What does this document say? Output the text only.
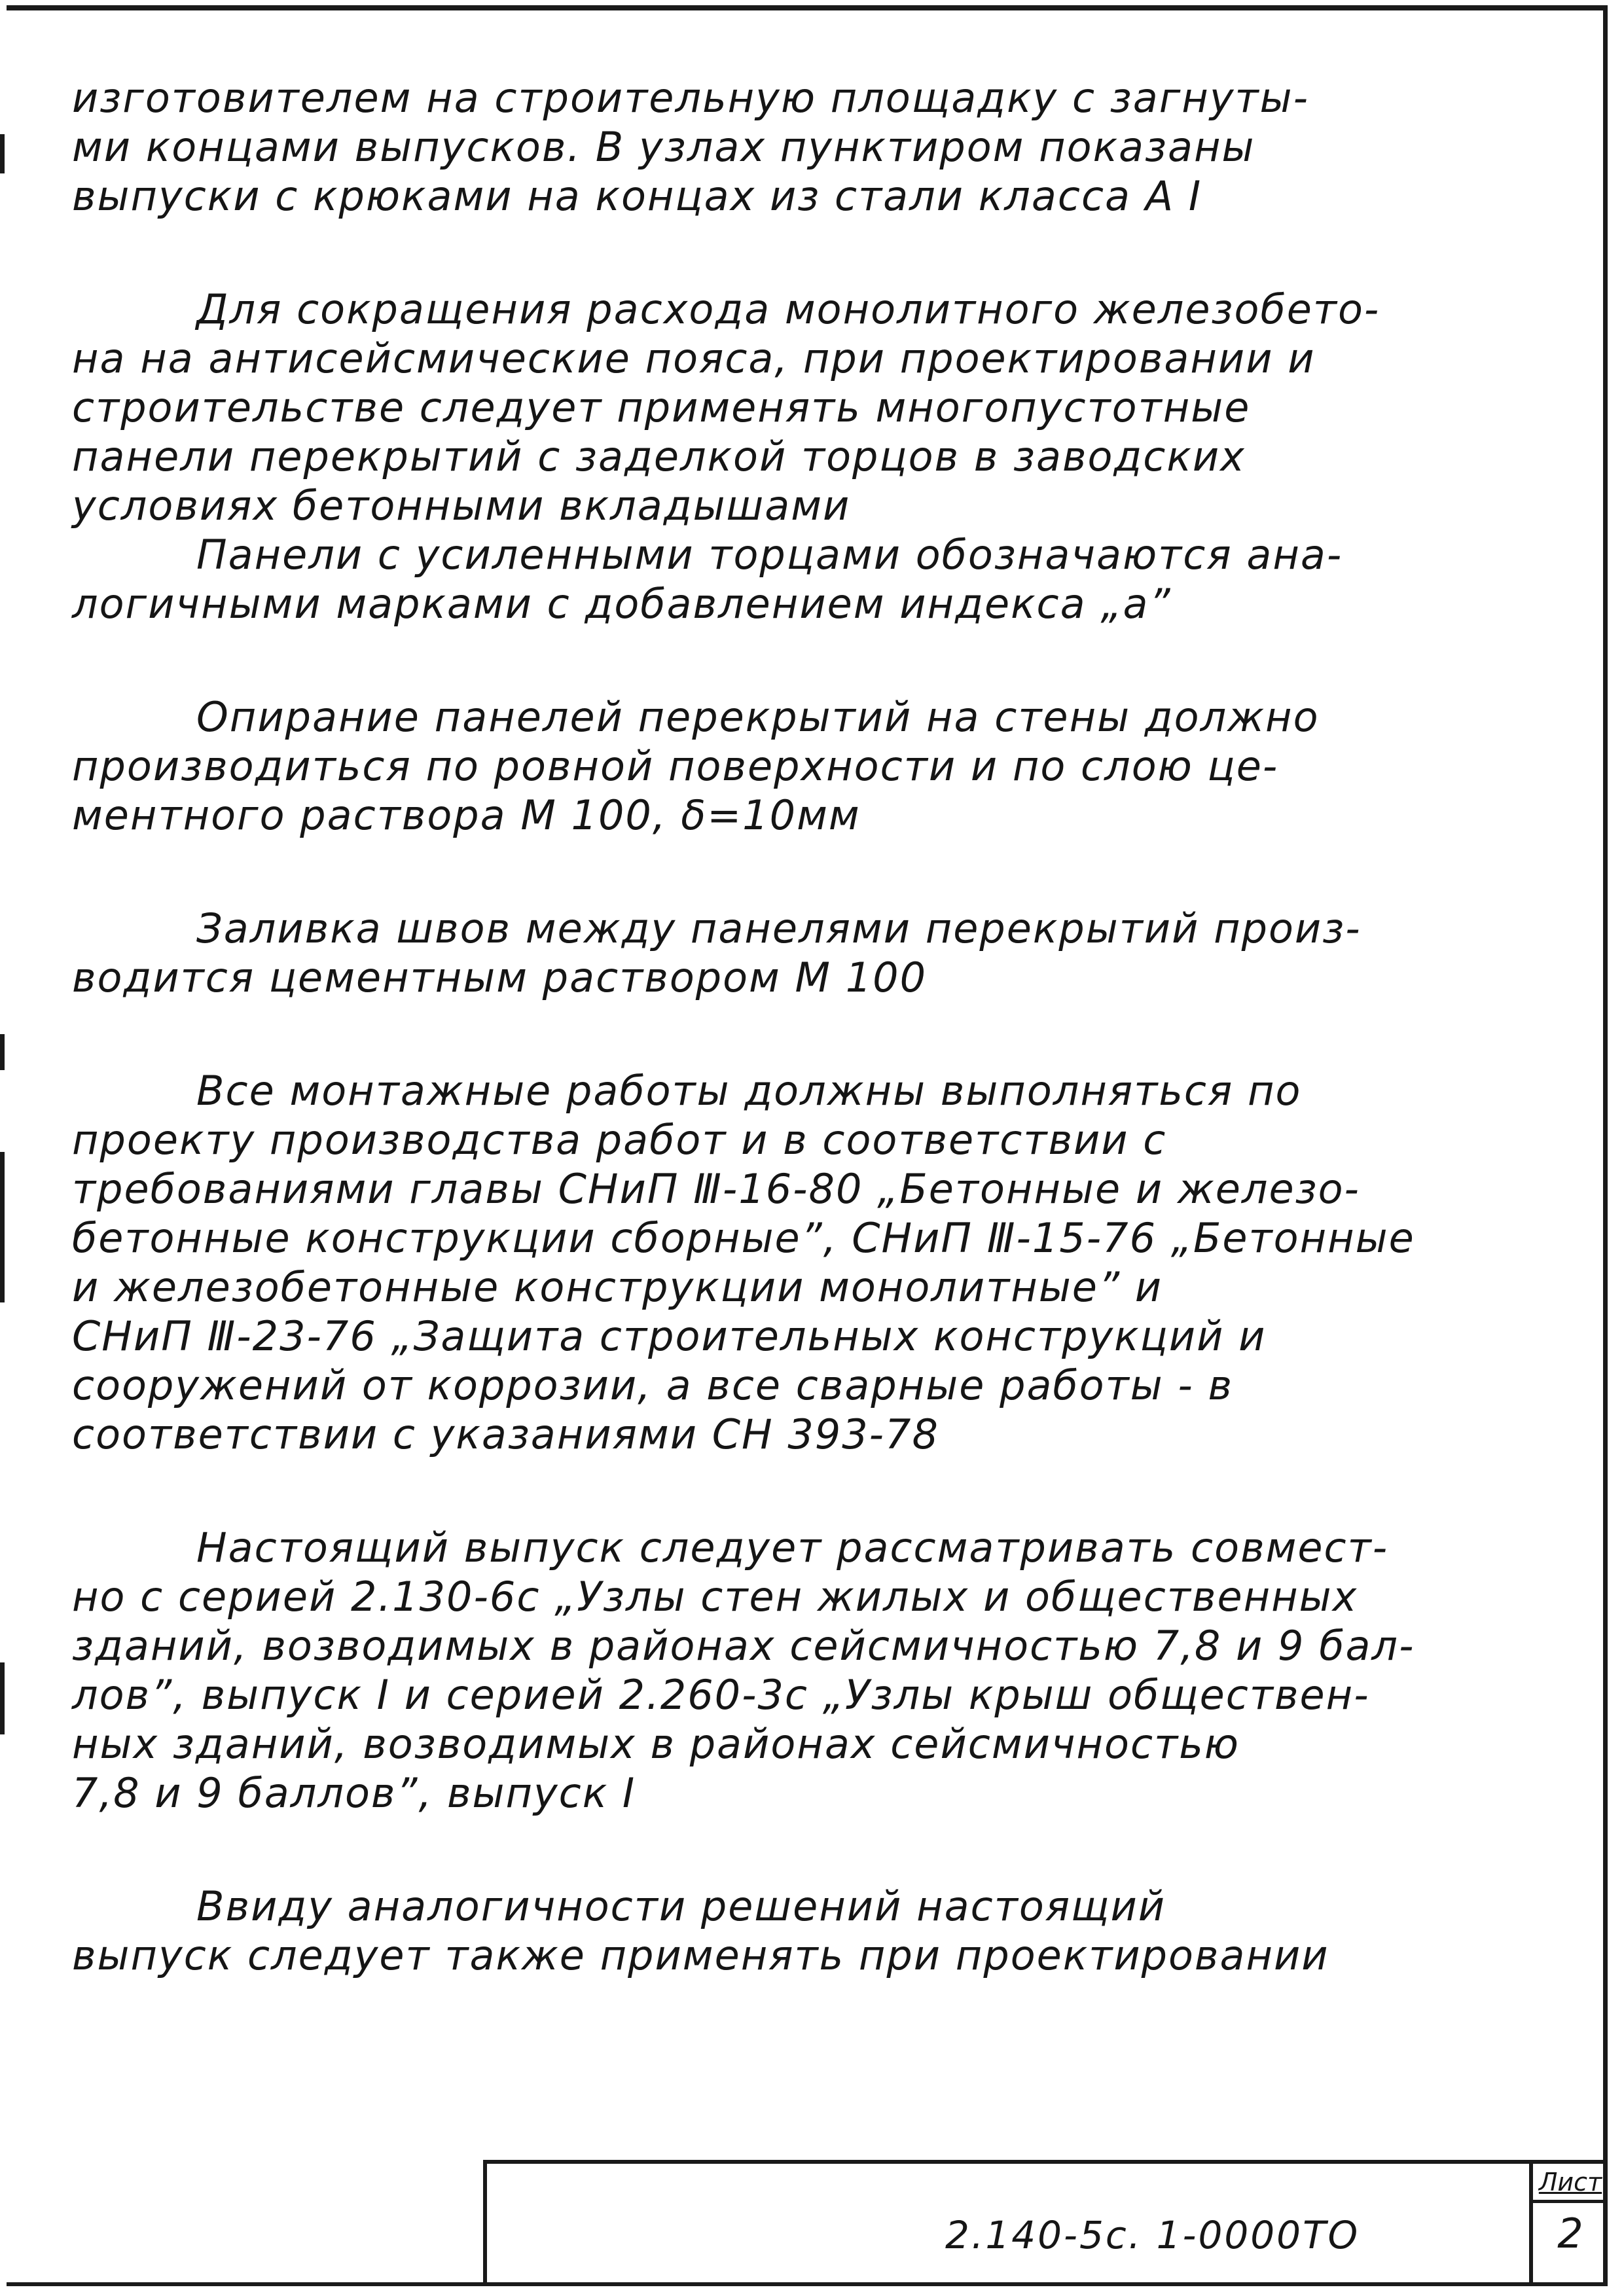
изготовителем на строительную площадку с загнуты-
ми концами выпусков. В узлах пунктиром показаны
выпуски с крюками на концах из стали класса А I
Для сокращения расхода монолитного железобето-
на на антисейсмические пояса, при проектировании и
строительстве следует применять многопустотные
панели перекрытий с заделкой торцов в заводских
условиях бетонными вкладышами
Панели с усиленными торцами обозначаются ана-
логичными марками с добавлением индекса „а”
Опирание панелей перекрытий на стены должно
производиться по ровной поверхности и по слою це-
ментного раствора М 100, δ=10мм
Заливка швов между панелями перекрытий произ-
водится цементным раствором М 100
Все монтажные работы должны выполняться по
проекту производства работ и в соответствии с
требованиями главы СНиП Ⅲ-16-80 „Бетонные и железо-
бетонные конструкции сборные”, СНиП Ⅲ-15-76 „Бетонные
и железобетонные конструкции монолитные” и
СНиП Ⅲ-23-76 „Защита строительных конструкций и
сооружений от коррозии, а все сварные работы - в
соответствии с указаниями СН 393-78
Настоящий выпуск следует рассматривать совмест-
но с серией 2.130-6с „Узлы стен жилых и общественных
зданий, возводимых в районах сейсмичностью 7,8 и 9 бал-
лов”, выпуск I и серией 2.260-3с „Узлы крыш обществен-
ных зданий, возводимых в районах сейсмичностью
7,8 и 9 баллов”, выпуск I
Ввиду аналогичности решений настоящий
выпуск следует также применять при проектировании
2.140-5с. 1-0000ТО
Лист
2
